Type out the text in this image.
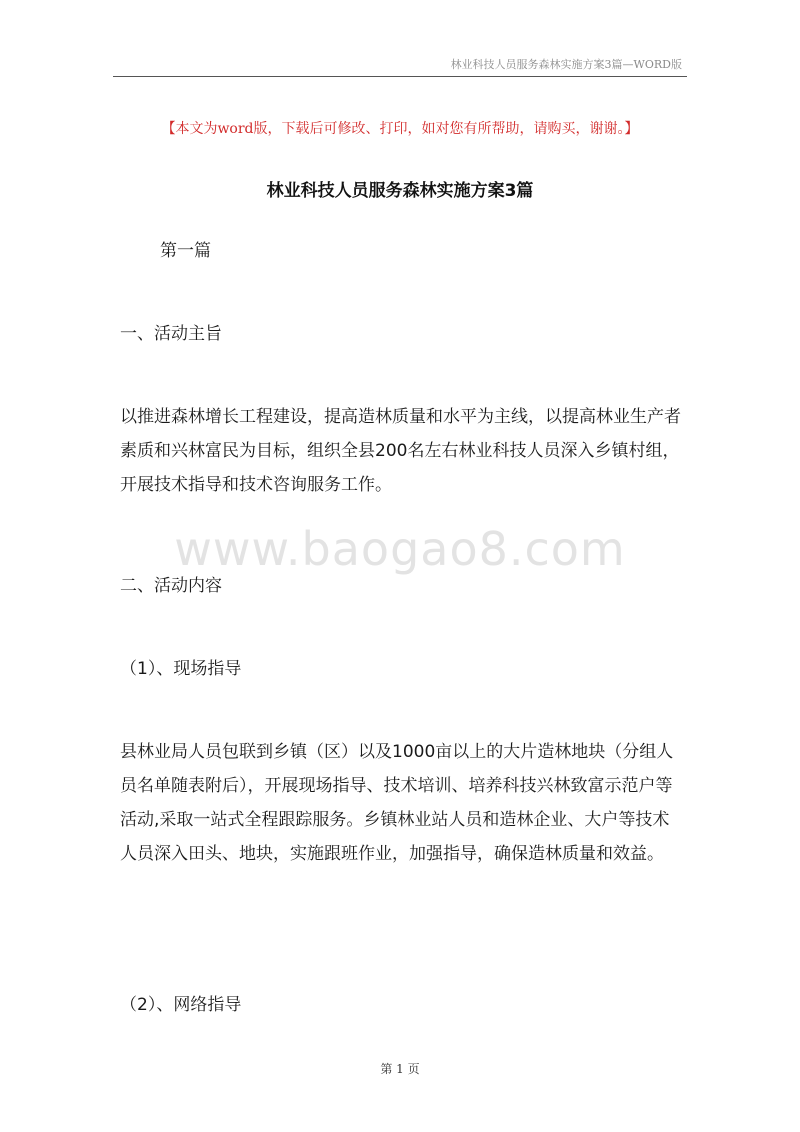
林业科技人员服务森林实施方案3篇—WORD版
【本文为word版，下载后可修改、打印，如对您有所帮助，请购买，谢谢。】
林业科技人员服务森林实施方案3篇

第一篇

一、活动主旨

以推进森林增长工程建设，提高造林质量和水平为主线，以提高林业生产者素质和兴林富民为目标，组织全县200名左右林业科技人员深入乡镇村组，开展技术指导和技术咨询服务工作。

www.baogao8.com

二、活动内容

（1）、现场指导

县林业局人员包联到乡镇（区）以及1000亩以上的大片造林地块（分组人员名单随表附后），开展现场指导、技术培训、培养科技兴林致富示范户等活动,采取一站式全程跟踪服务。乡镇林业站人员和造林企业、大户等技术人员深入田头、地块，实施跟班作业，加强指导，确保造林质量和效益。

（2）、网络指导

第 1 页
